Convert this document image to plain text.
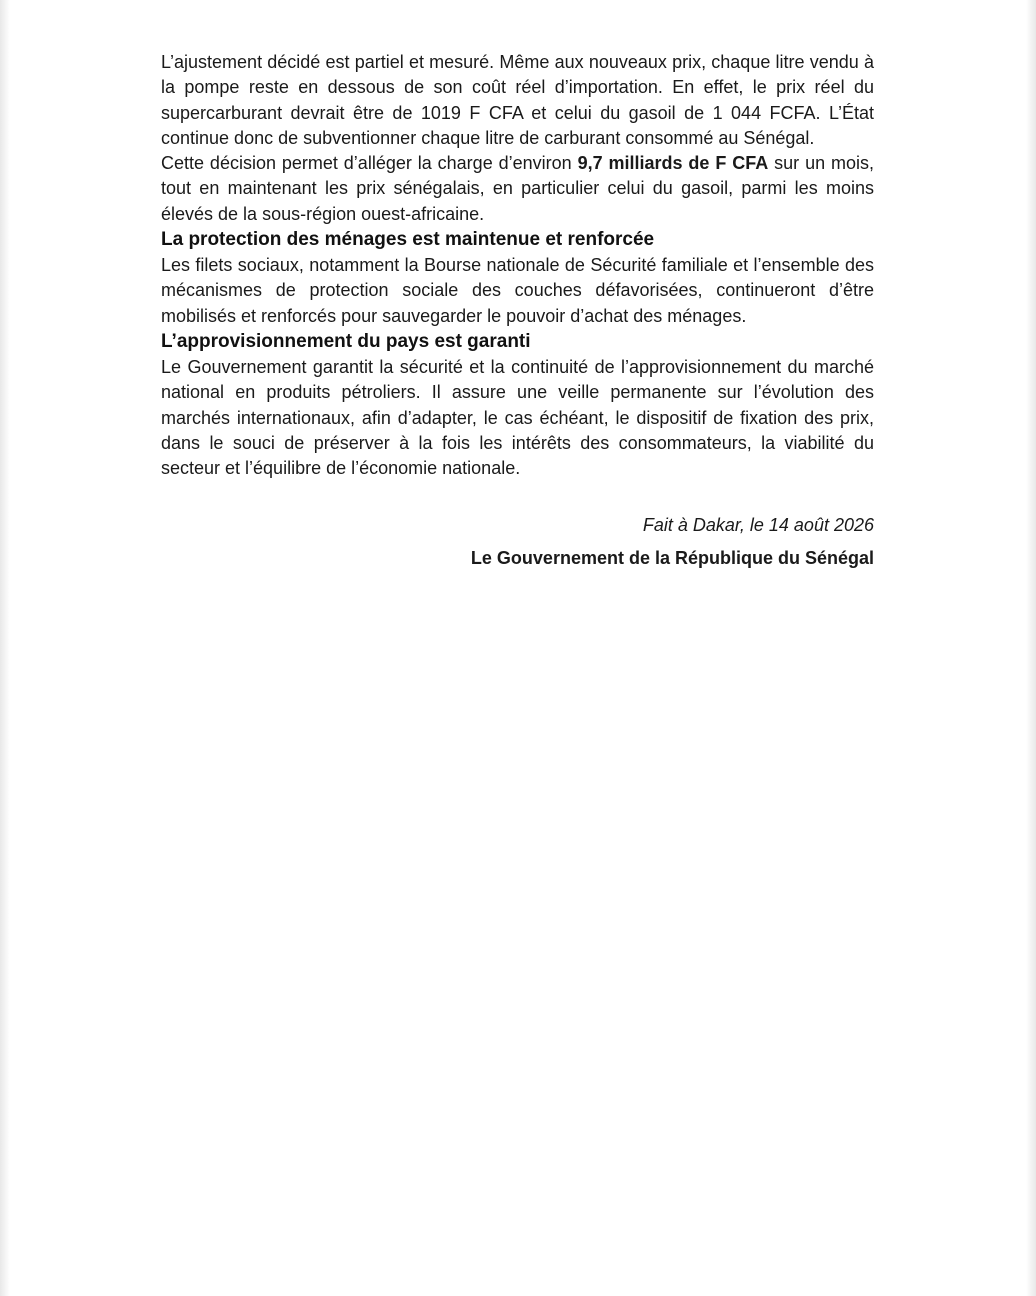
L’ajustement décidé est partiel et mesuré. Même aux nouveaux prix, chaque litre vendu à la pompe reste en dessous de son coût réel d’importation. En effet, le prix réel du supercarburant devrait être de 1019 F CFA et celui du gasoil de 1 044 FCFA. L’État continue donc de subventionner chaque litre de carburant consommé au Sénégal.

Cette décision permet d’alléger la charge d’environ 9,7 milliards de F CFA sur un mois, tout en maintenant les prix sénégalais, en particulier celui du gasoil, parmi les moins élevés de la sous-région ouest-africaine.

La protection des ménages est maintenue et renforcée

Les filets sociaux, notamment la Bourse nationale de Sécurité familiale et l’ensemble des mécanismes de protection sociale des couches défavorisées, continueront d’être mobilisés et renforcés pour sauvegarder le pouvoir d’achat des ménages.

L’approvisionnement du pays est garanti

Le Gouvernement garantit la sécurité et la continuité de l’approvisionnement du marché national en produits pétroliers. Il assure une veille permanente sur l’évolution des marchés internationaux, afin d’adapter, le cas échéant, le dispositif de fixation des prix, dans le souci de préserver à la fois les intérêts des consommateurs, la viabilité du secteur et l’équilibre de l’économie nationale.

Fait à Dakar, le 14 août 2026
Le Gouvernement de la République du Sénégal
